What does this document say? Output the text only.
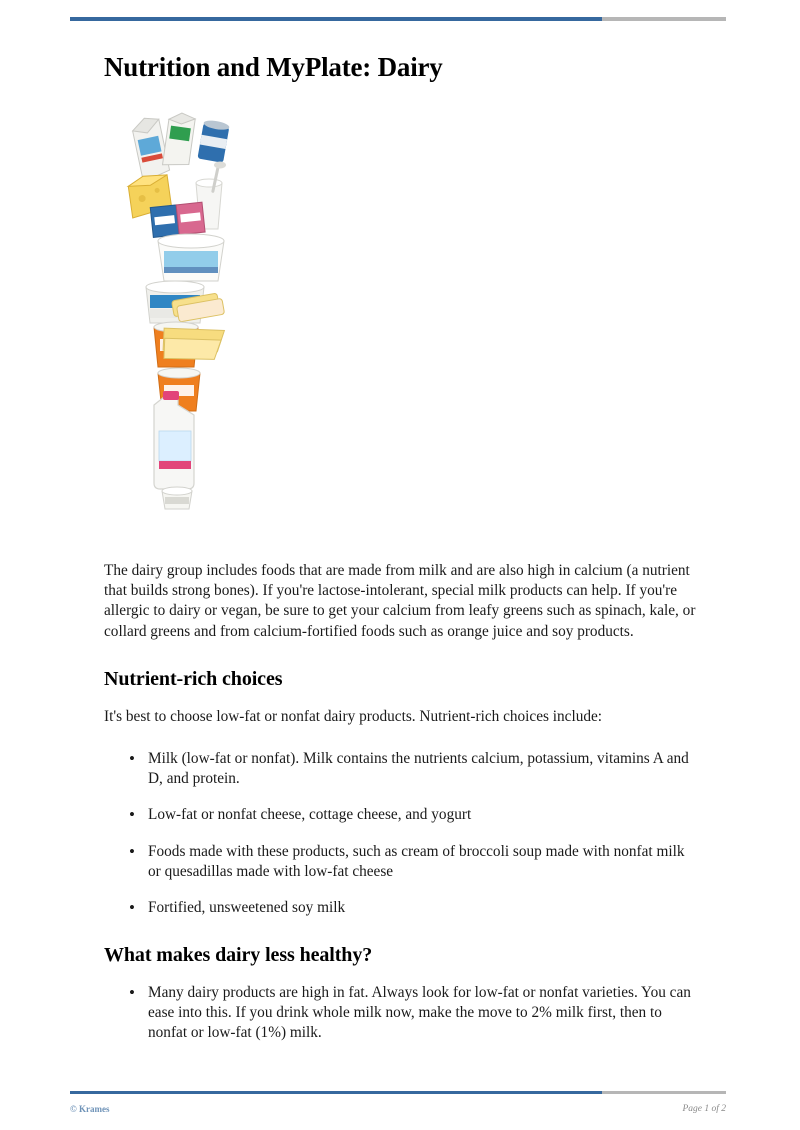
Nutrition and MyPlate: Dairy

The dairy group includes foods that are made from milk and are also high in calcium (a nutrient that builds strong bones). If you're lactose-intolerant, special milk products can help. If you're allergic to dairy or vegan, be sure to get your calcium from leafy greens such as spinach, kale, or collard greens and from calcium-fortified foods such as orange juice and soy products.

Nutrient-rich choices

It's best to choose low-fat or nonfat dairy products. Nutrient-rich choices include:

• Milk (low-fat or nonfat). Milk contains the nutrients calcium, potassium, vitamins A and D, and protein.
• Low-fat or nonfat cheese, cottage cheese, and yogurt
• Foods made with these products, such as cream of broccoli soup made with nonfat milk or quesadillas made with low-fat cheese
• Fortified, unsweetened soy milk
What makes dairy less healthy?
• Many dairy products are high in fat. Always look for low-fat or nonfat varieties. You can ease into this. If you drink whole milk now, make the move to 2% milk first, then to nonfat or low-fat (1%) milk.
© Krames	Page 1 of 2
